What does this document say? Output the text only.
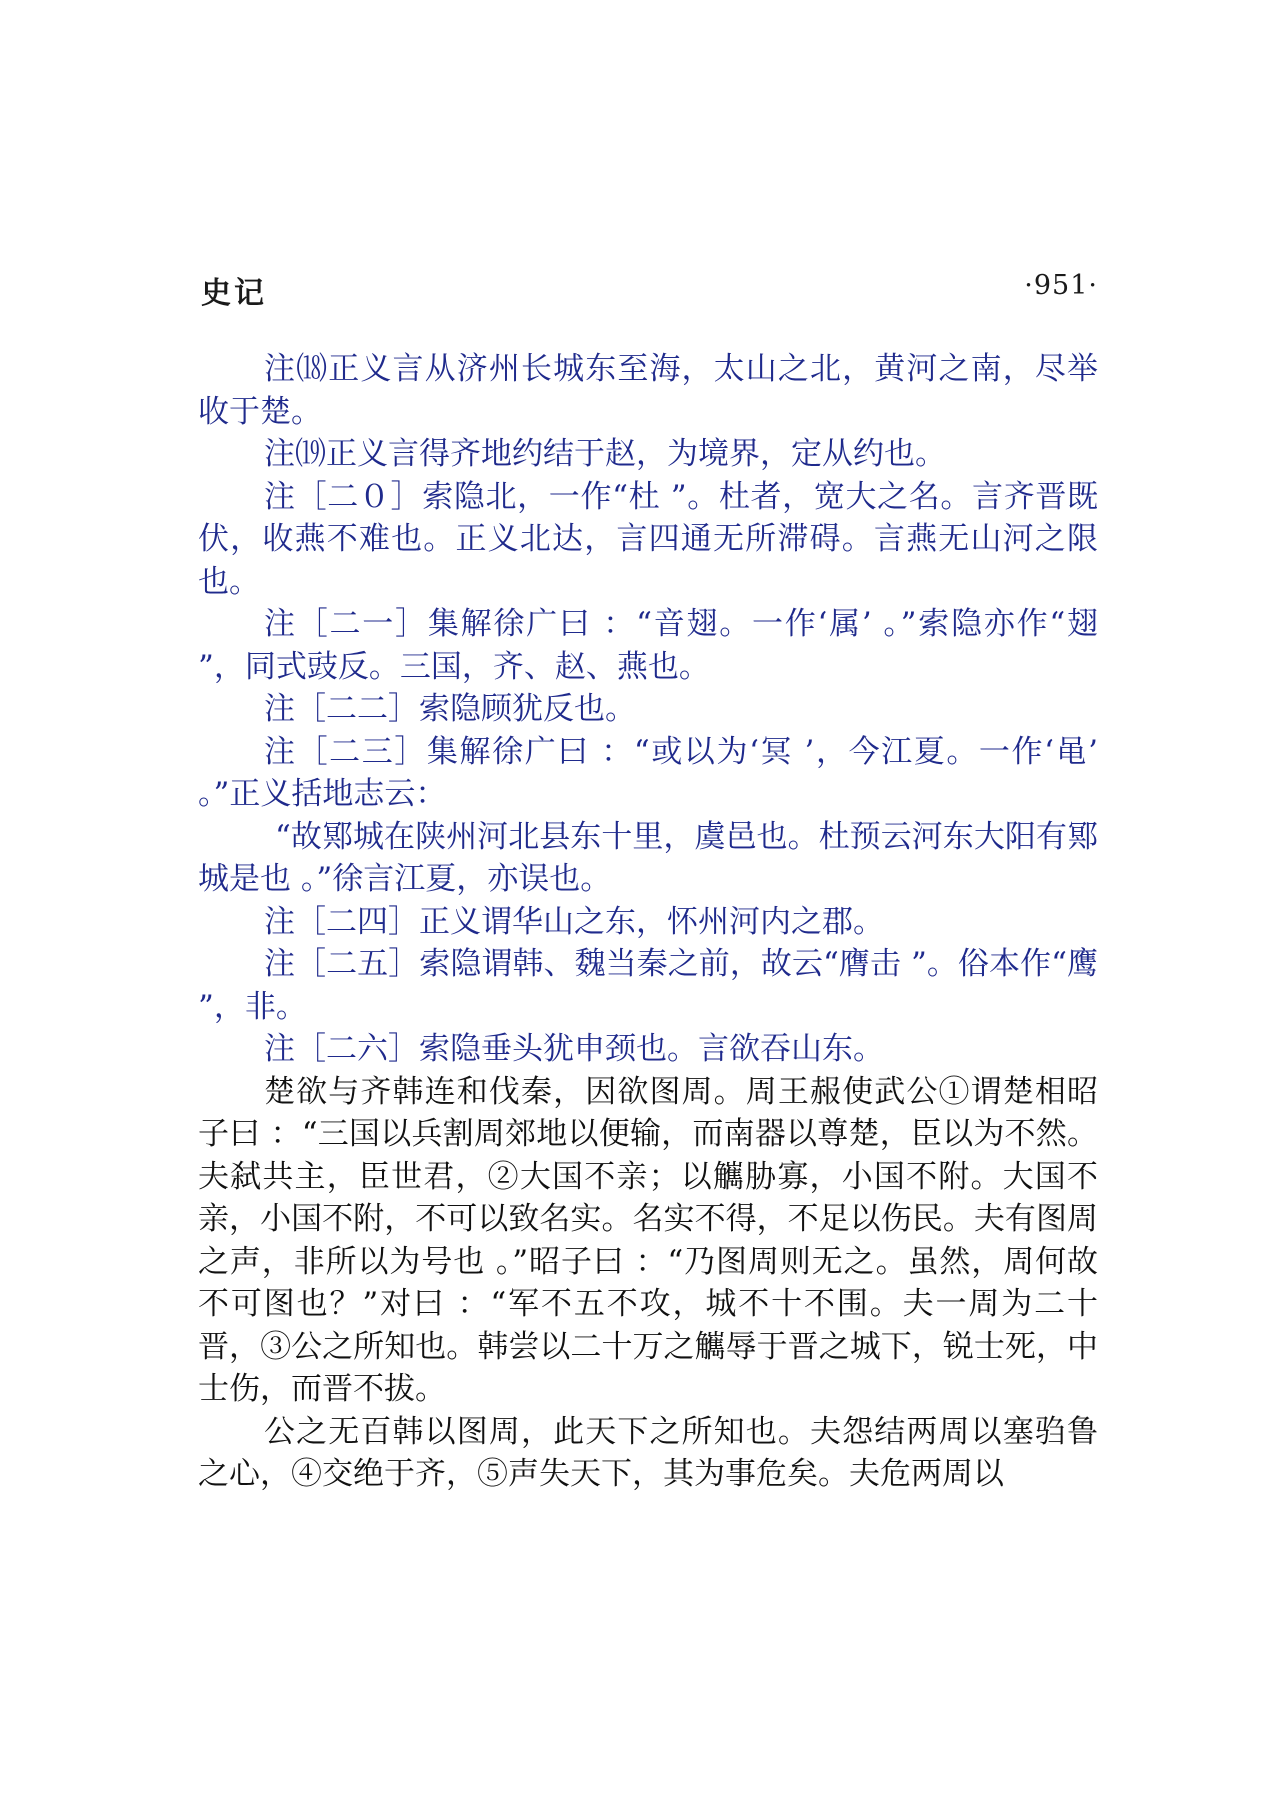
史记	·951·

注⒅正义言从济州长城东至海，太山之北，黄河之南，尽举收于楚。

注⒆正义言得齐地约结于赵，为境界，定从约也。

注［二０］索隐北，一作“杜 ”。杜者，宽大之名。言齐晋既伏，收燕不难也。正义北达，言四通无所滞碍。言燕无山河之限也。

注［二一］集解徐广曰 ：“音翅。一作‘属’ 。”索隐亦作“翅 ”，同式豉反。三国，齐、赵、燕也。

注［二二］索隐顾犹反也。

注［二三］集解徐广曰 ：“或以为‘冥 ’，今江夏。一作‘黾’ 。”正义括地志云：

“故鄍城在陕州河北县东十里，虞邑也。杜预云河东大阳有鄍城是也 。”徐言江夏，亦误也。

注［二四］正义谓华山之东，怀州河内之郡。

注［二五］索隐谓韩、魏当秦之前，故云“膺击 ”。俗本作“鹰 ”，非。

注［二六］索隐垂头犹申颈也。言欲吞山东。

楚欲与齐韩连和伐秦，因欲图周。周王赧使武公①谓楚相昭子曰 ：“三国以兵割周郊地以便输，而南器以尊楚，臣以为不然。夫弑共主，臣世君，②大国不亲；以觽胁寡，小国不附。大国不亲，小国不附，不可以致名实。名实不得，不足以伤民。夫有图周之声，非所以为号也 。”昭子曰 ：“乃图周则无之。虽然，周何故不可图也？”对曰 ：“军不五不攻，城不十不围。夫一周为二十晋，③公之所知也。韩尝以二十万之觽辱于晋之城下，锐士死，中士伤，而晋不拔。

公之无百韩以图周，此天下之所知也。夫怨结两周以塞驺鲁之心，④交绝于齐，⑤声失天下，其为事危矣。夫危两周以
